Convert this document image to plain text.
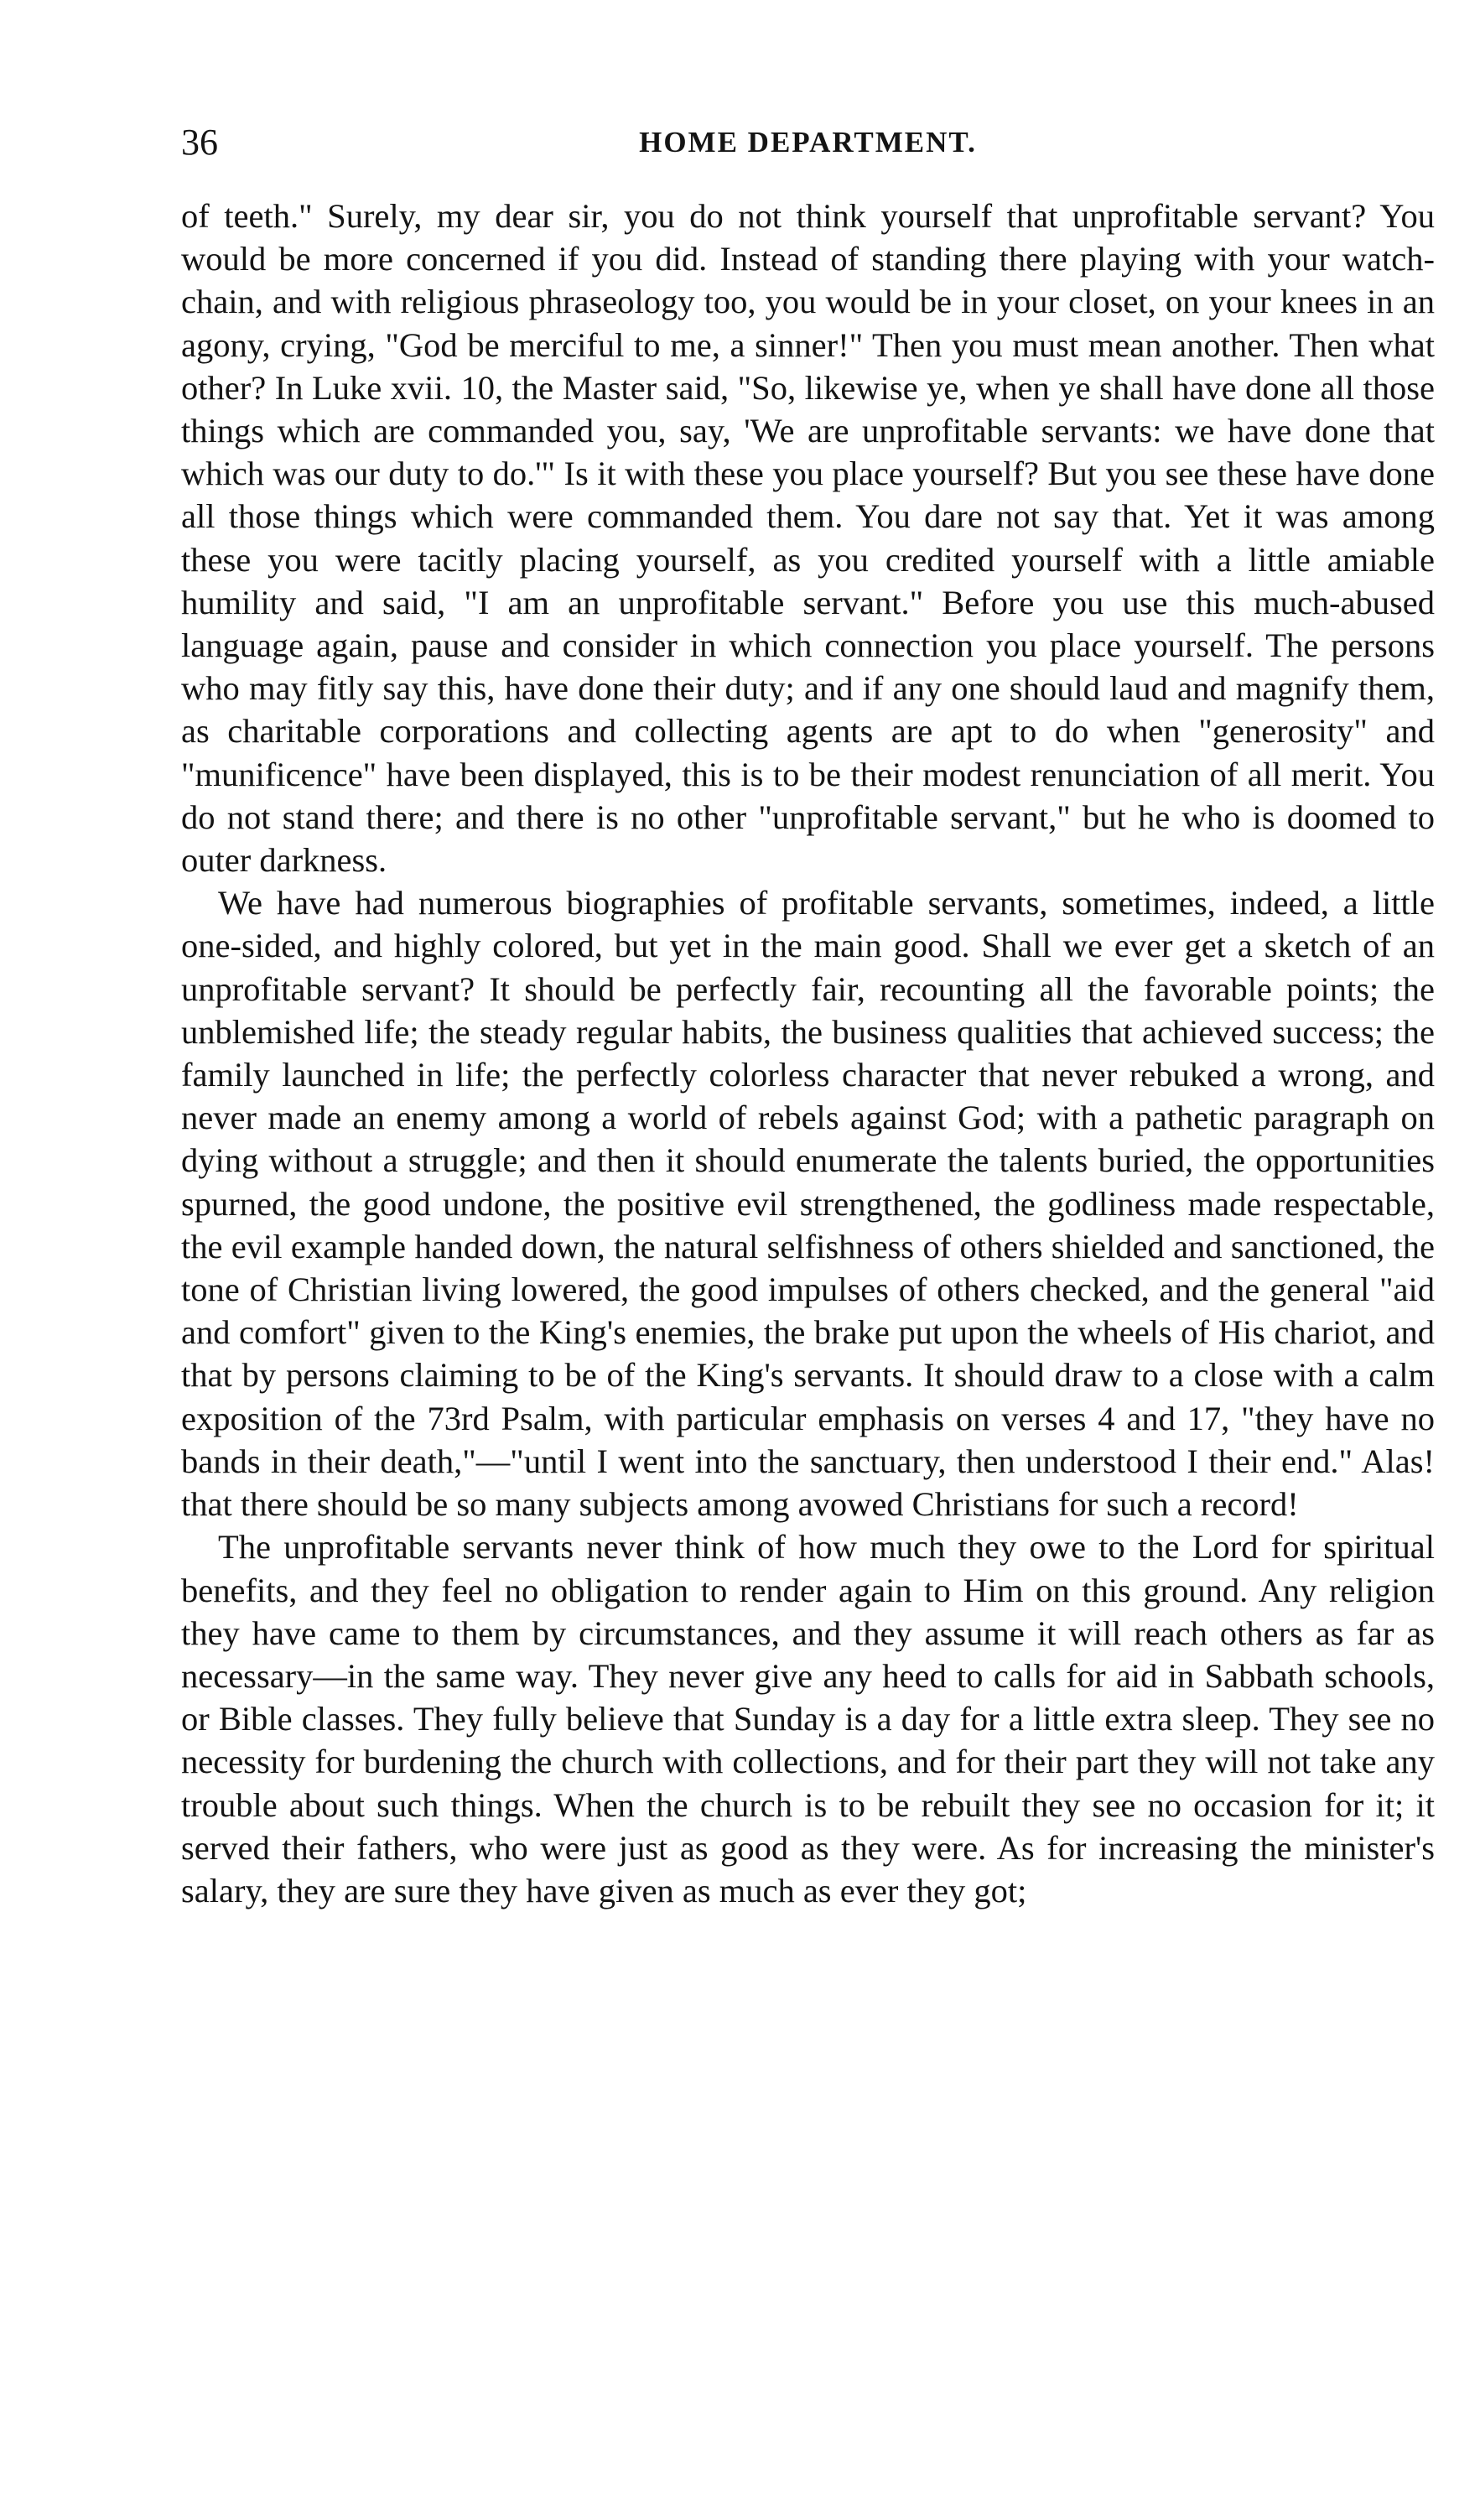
36	HOME DEPARTMENT.

of teeth." Surely, my dear sir, you do not think yourself that unprofitable servant? You would be more concerned if you did. Instead of standing there playing with your watch-chain, and with religious phraseology too, you would be in your closet, on your knees in an agony, crying, "God be merciful to me, a sinner!" Then you must mean another. Then what other? In Luke xvii. 10, the Master said, "So, likewise ye, when ye shall have done all those things which are commanded you, say, 'We are unprofitable servants: we have done that which was our duty to do.'" Is it with these you place yourself? But you see these have done all those things which were commanded them. You dare not say that. Yet it was among these you were tacitly placing yourself, as you credited yourself with a little amiable humility and said, "I am an unprofitable servant." Before you use this much-abused language again, pause and consider in which connection you place yourself. The persons who may fitly say this, have done their duty; and if any one should laud and magnify them, as charitable corporations and collecting agents are apt to do when "generosity" and "munificence" have been displayed, this is to be their modest renunciation of all merit. You do not stand there; and there is no other "unprofitable servant," but he who is doomed to outer darkness.

We have had numerous biographies of profitable servants, sometimes, indeed, a little one-sided, and highly colored, but yet in the main good. Shall we ever get a sketch of an unprofitable servant? It should be perfectly fair, recounting all the favorable points; the unblemished life; the steady regular habits, the business qualities that achieved success; the family launched in life; the perfectly colorless character that never rebuked a wrong, and never made an enemy among a world of rebels against God; with a pathetic paragraph on dying without a struggle; and then it should enumerate the talents buried, the opportunities spurned, the good undone, the positive evil strengthened, the godliness made respectable, the evil example handed down, the natural selfishness of others shielded and sanctioned, the tone of Christian living lowered, the good impulses of others checked, and the general "aid and comfort" given to the King's enemies, the brake put upon the wheels of His chariot, and that by persons claiming to be of the King's servants. It should draw to a close with a calm exposition of the 73rd Psalm, with particular emphasis on verses 4 and 17, "they have no bands in their death,"—"until I went into the sanctuary, then understood I their end." Alas! that there should be so many subjects among avowed Christians for such a record!

The unprofitable servants never think of how much they owe to the Lord for spiritual benefits, and they feel no obligation to render again to Him on this ground. Any religion they have came to them by circumstances, and they assume it will reach others as far as necessary—in the same way. They never give any heed to calls for aid in Sabbath schools, or Bible classes. They fully believe that Sunday is a day for a little extra sleep. They see no necessity for burdening the church with collections, and for their part they will not take any trouble about such things. When the church is to be rebuilt they see no occasion for it; it served their fathers, who were just as good as they were. As for increasing the minister's salary, they are sure they have given as much as ever they got;
